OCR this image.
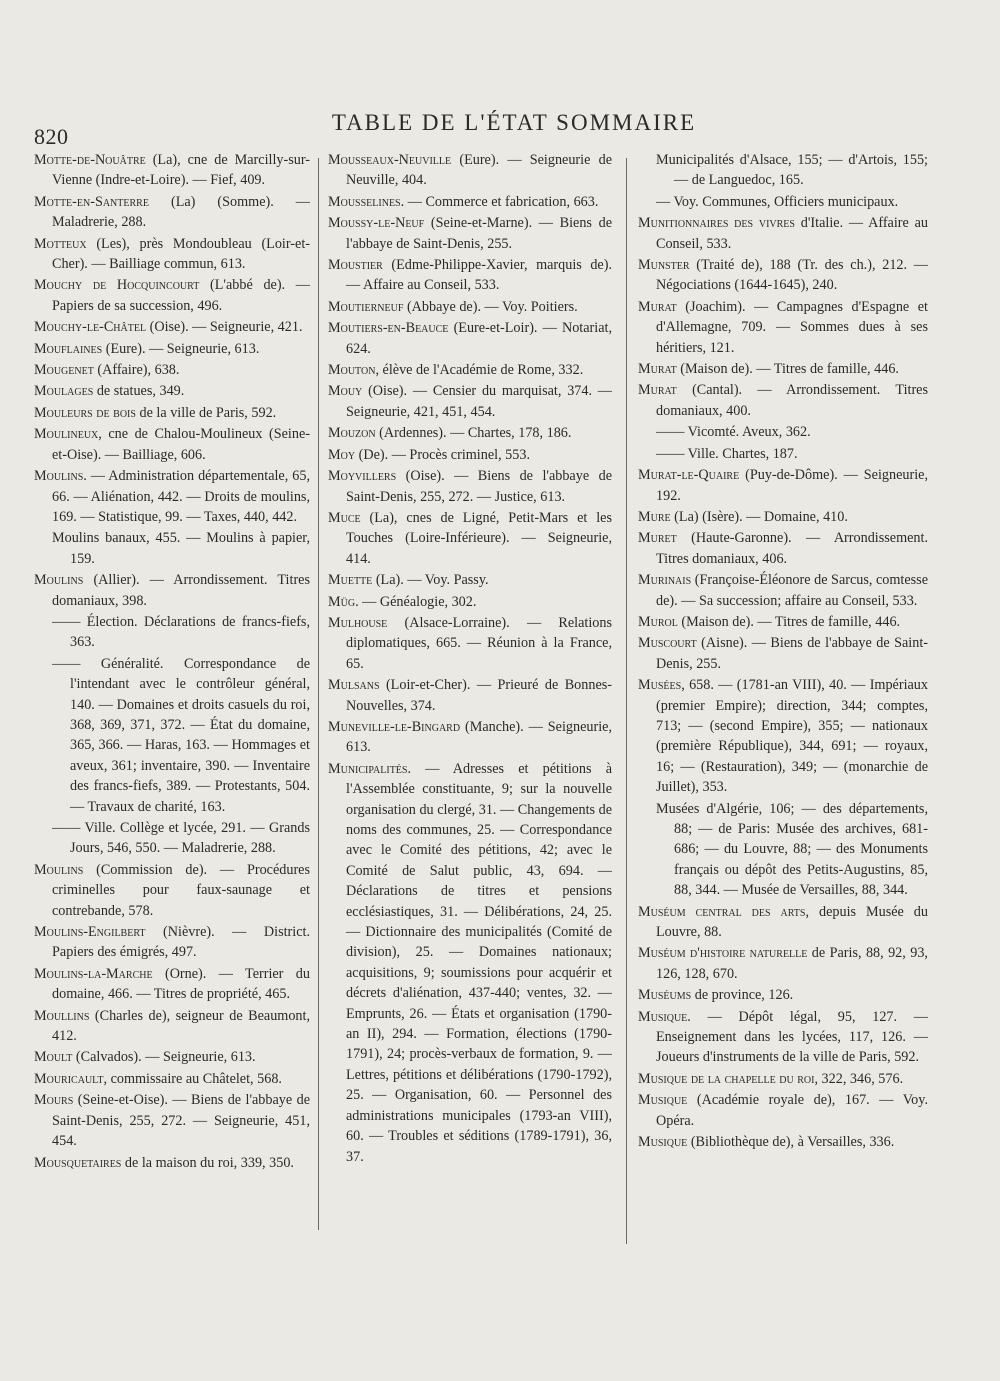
820
TABLE DE L'ÉTAT SOMMAIRE

Motte-de-Nouâtre (La), cne de Marcilly-sur-Vienne (Indre-et-Loire). — Fief, 409.

Motte-en-Santerre (La) (Somme). — Maladrerie, 288.

Motteux (Les), près Mondoubleau (Loir-et-Cher). — Bailliage commun, 613.

Mouchy de Hocquincourt (L'abbé de). — Papiers de sa succession, 496.

Mouchy-le-Châtel (Oise). — Seigneurie, 421.

Mouflaines (Eure). — Seigneurie, 613.

Mougenet (Affaire), 638.

Moulages de statues, 349.

Mouleurs de bois de la ville de Paris, 592.

Moulineux, cne de Chalou-Moulineux (Seine-et-Oise). — Bailliage, 606.

Moulins. — Administration départementale, 65, 66. — Aliénation, 442. — Droits de moulins, 169. — Statistique, 99. — Taxes, 440, 442.

Moulins banaux, 455. — Moulins à papier, 159.

Moulins (Allier). — Arrondissement. Titres domaniaux, 398.

—— Élection. Déclarations de francs-fiefs, 363.

—— Généralité. Correspondance de l'intendant avec le contrôleur général, 140. — Domaines et droits casuels du roi, 368, 369, 371, 372. — État du domaine, 365, 366. — Haras, 163. — Hommages et aveux, 361; inventaire, 390. — Inventaire des francs-fiefs, 389. — Protestants, 504. — Travaux de charité, 163.

—— Ville. Collège et lycée, 291. — Grands Jours, 546, 550. — Maladrerie, 288.

Moulins (Commission de). — Procédures criminelles pour faux-saunage et contrebande, 578.

Moulins-Engilbert (Nièvre). — District. Papiers des émigrés, 497.

Moulins-la-Marche (Orne). — Terrier du domaine, 466. — Titres de propriété, 465.

Moullins (Charles de), seigneur de Beaumont, 412.

Moult (Calvados). — Seigneurie, 613.

Mouricault, commissaire au Châtelet, 568.

Mours (Seine-et-Oise). — Biens de l'abbaye de Saint-Denis, 255, 272. — Seigneurie, 451, 454.

Mousquetaires de la maison du roi, 339, 350.

Mousseaux-Neuville (Eure). — Seigneurie de Neuville, 404.

Mousselines. — Commerce et fabrication, 663.

Moussy-le-Neuf (Seine-et-Marne). — Biens de l'abbaye de Saint-Denis, 255.

Moustier (Edme-Philippe-Xavier, marquis de). — Affaire au Conseil, 533.

Moutierneuf (Abbaye de). — Voy. Poitiers.

Moutiers-en-Beauce (Eure-et-Loir). — Notariat, 624.

Mouton, élève de l'Académie de Rome, 332.

Mouy (Oise). — Censier du marquisat, 374. — Seigneurie, 421, 451, 454.

Mouzon (Ardennes). — Chartes, 178, 186.

Moy (De). — Procès criminel, 553.

Moyvillers (Oise). — Biens de l'abbaye de Saint-Denis, 255, 272. — Justice, 613.

Muce (La), cnes de Ligné, Petit-Mars et les Touches (Loire-Inférieure). — Seigneurie, 414.

Muette (La). — Voy. Passy.

Müg. — Généalogie, 302.

Mulhouse (Alsace-Lorraine). — Relations diplomatiques, 665. — Réunion à la France, 65.

Mulsans (Loir-et-Cher). — Prieuré de Bonnes-Nouvelles, 374.

Muneville-le-Bingard (Manche). — Seigneurie, 613.

Municipalités. — Adresses et pétitions à l'Assemblée constituante, 9; sur la nouvelle organisation du clergé, 31. — Changements de noms des communes, 25. — Correspondance avec le Comité des pétitions, 42; avec le Comité de Salut public, 43, 694. — Déclarations de titres et pensions ecclésiastiques, 31. — Délibérations, 24, 25. — Dictionnaire des municipalités (Comité de division), 25. — Domaines nationaux; acquisitions, 9; soumissions pour acquérir et décrets d'aliénation, 437-440; ventes, 32. — Emprunts, 26. — États et organisation (1790-an II), 294. — Formation, élections (1790-1791), 24; procès-verbaux de formation, 9. — Lettres, pétitions et délibérations (1790-1792), 25. — Organisation, 60. — Personnel des administrations municipales (1793-an VIII), 60. — Troubles et séditions (1789-1791), 36, 37.

Municipalités d'Alsace, 155; — d'Artois, 155; — de Languedoc, 165.

— Voy. Communes, Officiers municipaux.

Munitionnaires des vivres d'Italie. — Affaire au Conseil, 533.

Munster (Traité de), 188 (Tr. des ch.), 212. — Négociations (1644-1645), 240.

Murat (Joachim). — Campagnes d'Espagne et d'Allemagne, 709. — Sommes dues à ses héritiers, 121.

Murat (Maison de). — Titres de famille, 446.

Murat (Cantal). — Arrondissement. Titres domaniaux, 400.

—— Vicomté. Aveux, 362.

—— Ville. Chartes, 187.

Murat-le-Quaire (Puy-de-Dôme). — Seigneurie, 192.

Mure (La) (Isère). — Domaine, 410.

Muret (Haute-Garonne). — Arrondissement. Titres domaniaux, 406.

Murinais (Françoise-Éléonore de Sarcus, comtesse de). — Sa succession; affaire au Conseil, 533.

Murol (Maison de). — Titres de famille, 446.

Muscourt (Aisne). — Biens de l'abbaye de Saint-Denis, 255.

Musées, 658. — (1781-an VIII), 40. — Impériaux (premier Empire); direction, 344; comptes, 713; — (second Empire), 355; — nationaux (première République), 344, 691; — royaux, 16; — (Restauration), 349; — (monarchie de Juillet), 353.

Musées d'Algérie, 106; — des départements, 88; — de Paris: Musée des archives, 681-686; — du Louvre, 88; — des Monuments français ou dépôt des Petits-Augustins, 85, 88, 344. — Musée de Versailles, 88, 344.

Muséum central des arts, depuis Musée du Louvre, 88.

Muséum d'histoire naturelle de Paris, 88, 92, 93, 126, 128, 670.

Muséums de province, 126.

Musique. — Dépôt légal, 95, 127. — Enseignement dans les lycées, 117, 126. — Joueurs d'instruments de la ville de Paris, 592.

Musique de la chapelle du roi, 322, 346, 576.

Musique (Académie royale de), 167. — Voy. Opéra.

Musique (Bibliothèque de), à Versailles, 336.
